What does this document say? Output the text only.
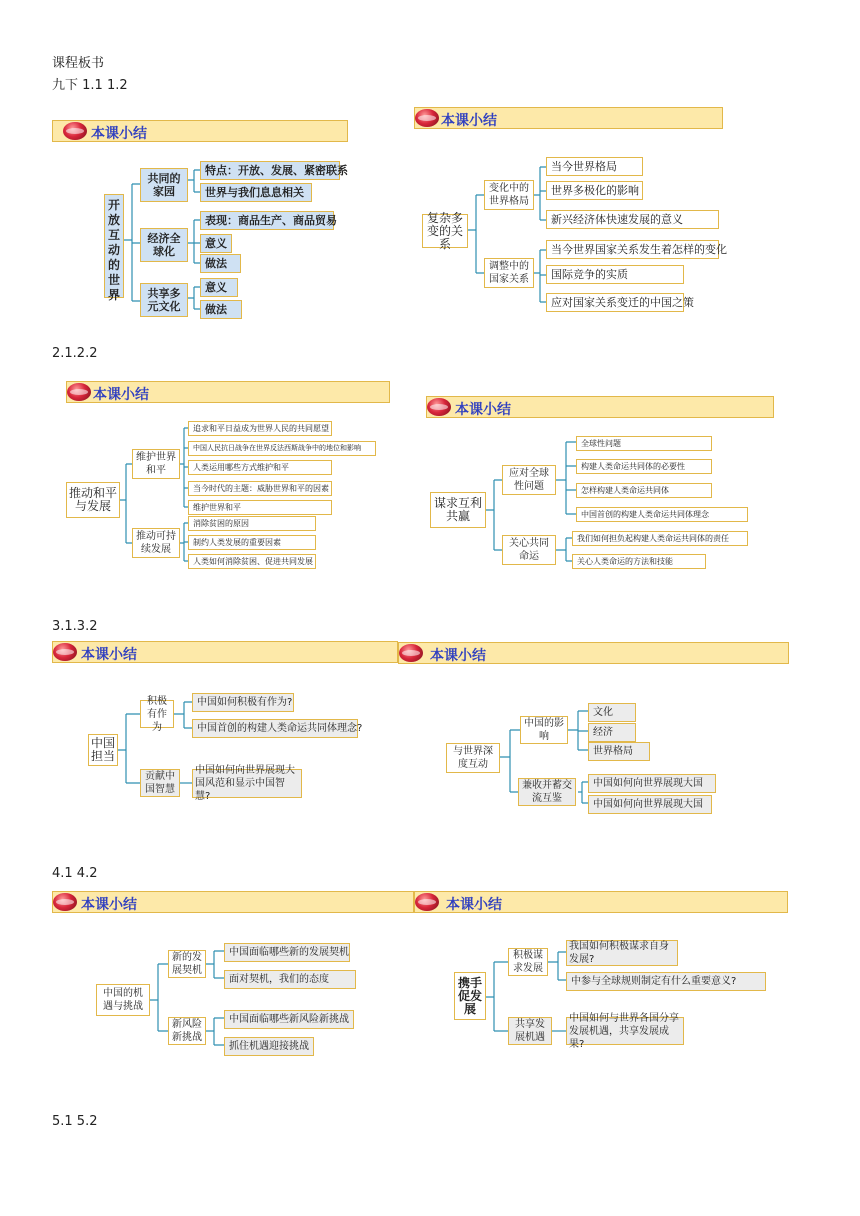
课程板书
九下 1.1 1.2
2.1.2.2
3.1.3.2
4.1 4.2
5.1 5.2
本课小结
开放互动的世界
共同的家园
经济全球化
共享多元文化
特点：开放、发展、紧密联系
世界与我们息息相关
表现：商品生产、商品贸易
意义
做法
意义
做法
本课小结
复杂多变的关系
变化中的世界格局
调整中的国家关系
当今世界格局
世界多极化的影响
新兴经济体快速发展的意义
当今世界国家关系发生着怎样的变化
国际竞争的实质
应对国家关系变迁的中国之策
本课小结
推动和平与发展
维护世界和平
推动可持续发展
追求和平日益成为世界人民的共同愿望
中国人民抗日战争在世界反法西斯战争中的地位和影响
人类运用哪些方式维护和平
当今时代的主题：威胁世界和平的因素
维护世界和平
消除贫困的原因
制约人类发展的重要因素
人类如何消除贫困、促进共同发展
本课小结
谋求互利共赢
应对全球性问题
关心共同命运
全球性问题
构建人类命运共同体的必要性
怎样构建人类命运共同体
中国首创的构建人类命运共同体理念
我们如何担负起构建人类命运共同体的责任
关心人类命运的方法和技能
本课小结
中国担当
积极有作为
贡献中国智慧
中国如何积极有作为?
中国首创的构建人类命运共同体理念?
中国如何向世界展现大国风范和显示中国智慧?
本课小结
与世界深度互动
中国的影响
兼收并蓄交流互鉴
文化
经济
世界格局
中国如何向世界展现大国
中国如何向世界展现大国
本课小结
中国的机遇与挑战
新的发展契机
新风险新挑战
中国面临哪些新的发展契机
面对契机，我们的态度
中国面临哪些新风险新挑战
抓住机遇迎接挑战
本课小结
携手促发展
积极谋求发展
共享发展机遇
我国如何积极谋求自身发展?
中参与全球规则制定有什么重要意义?
中国如何与世界各国分享发展机遇，共享发展成果?
